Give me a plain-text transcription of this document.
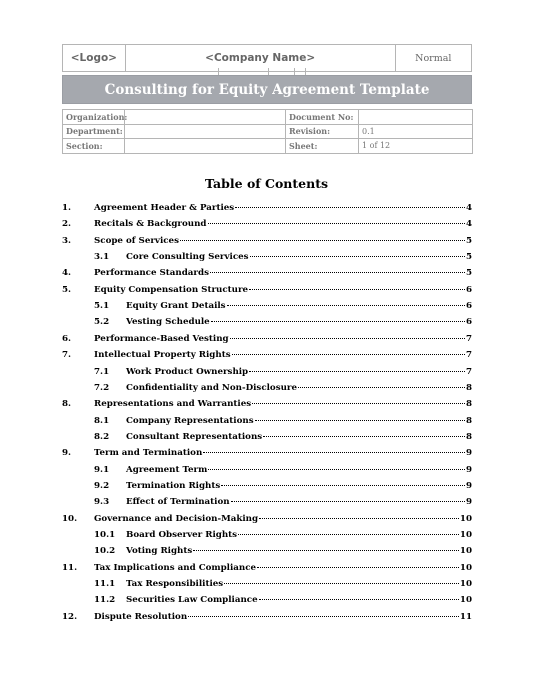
<Logo>	<Company Name>	Normal
Consulting for Equity Agreement Template
Organization:		Document No:	
Department:		Revision:	0.1
Section:		Sheet:	1 of 12
Table of Contents
1.	Agreement Header & Parties	4
2.	Recitals & Background	4
3.	Scope of Services	5
3.1	Core Consulting Services	5
4.	Performance Standards	5
5.	Equity Compensation Structure	6
5.1	Equity Grant Details	6
5.2	Vesting Schedule	6
6.	Performance-Based Vesting	7
7.	Intellectual Property Rights	7
7.1	Work Product Ownership	7
7.2	Confidentiality and Non-Disclosure	8
8.	Representations and Warranties	8
8.1	Company Representations	8
8.2	Consultant Representations	8
9.	Term and Termination	9
9.1	Agreement Term	9
9.2	Termination Rights	9
9.3	Effect of Termination	9
10.	Governance and Decision-Making	10
10.1	Board Observer Rights	10
10.2	Voting Rights	10
11.	Tax Implications and Compliance	10
11.1	Tax Responsibilities	10
11.2	Securities Law Compliance	10
12.	Dispute Resolution	11
